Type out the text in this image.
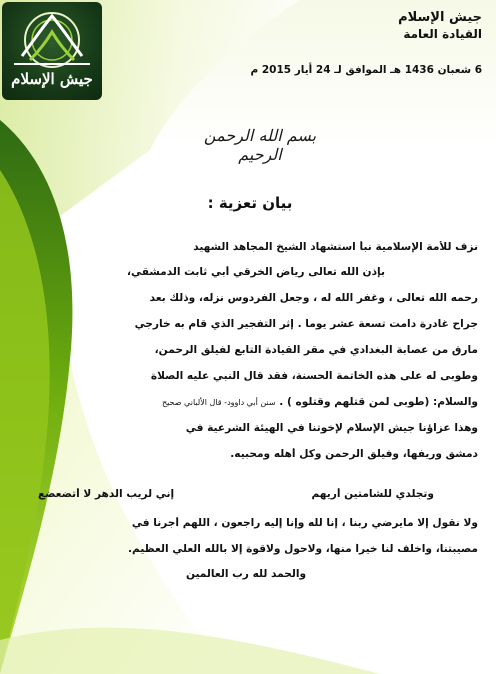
جيش الإسلام
جيش الإسلام
القيادة العامة
6 شعبان 1436 هـ الموافق لـ 24 أيار 2015 م
بسم الله الرحمن الرحيم
بيان تعزية :
نزف للأمة الإسلامية نبأ استشهاد الشيخ المجاهد الشهيد
بإذن الله تعالى رياض الخرقي أبي ثابت الدمشقي،
رحمه الله تعالى ، وغفر الله له ، وجعل الفردوس نزله، وذلك بعد
جراح غادرة دامت تسعة عشر يوماً . إثر التفجير الذي قام به خارجي
مارق من عصابة البغدادي في مقر القيادة التابع لفيلق الرحمن،
وطوبى له على هذه الخاتمة الحسنة، فقد قال النبي عليه الصلاة
والسلام: (طوبى لمن قتلهم وقتلوه ) . سنن أبي داوود- قال الألباني صحيح
وهذا عزاؤنا جيش الإسلام لإخوتنا في الهيئة الشرعية في
دمشق وريفها، وفيلق الرحمن وكل أهله ومحبيه.
وتجلدي للشامتين أريهم
إني لريب الدهر لا أتضعضع
ولا نقول إلا مايرضي ربنا ، إنا لله وإنا إليه راجعون ، اللهم أجرنا في
مصيبتنا، واخلف لنا خيراً منها، ولاحول ولاقوة إلا بالله العلي العظيم.
والحمد لله رب العالمين
